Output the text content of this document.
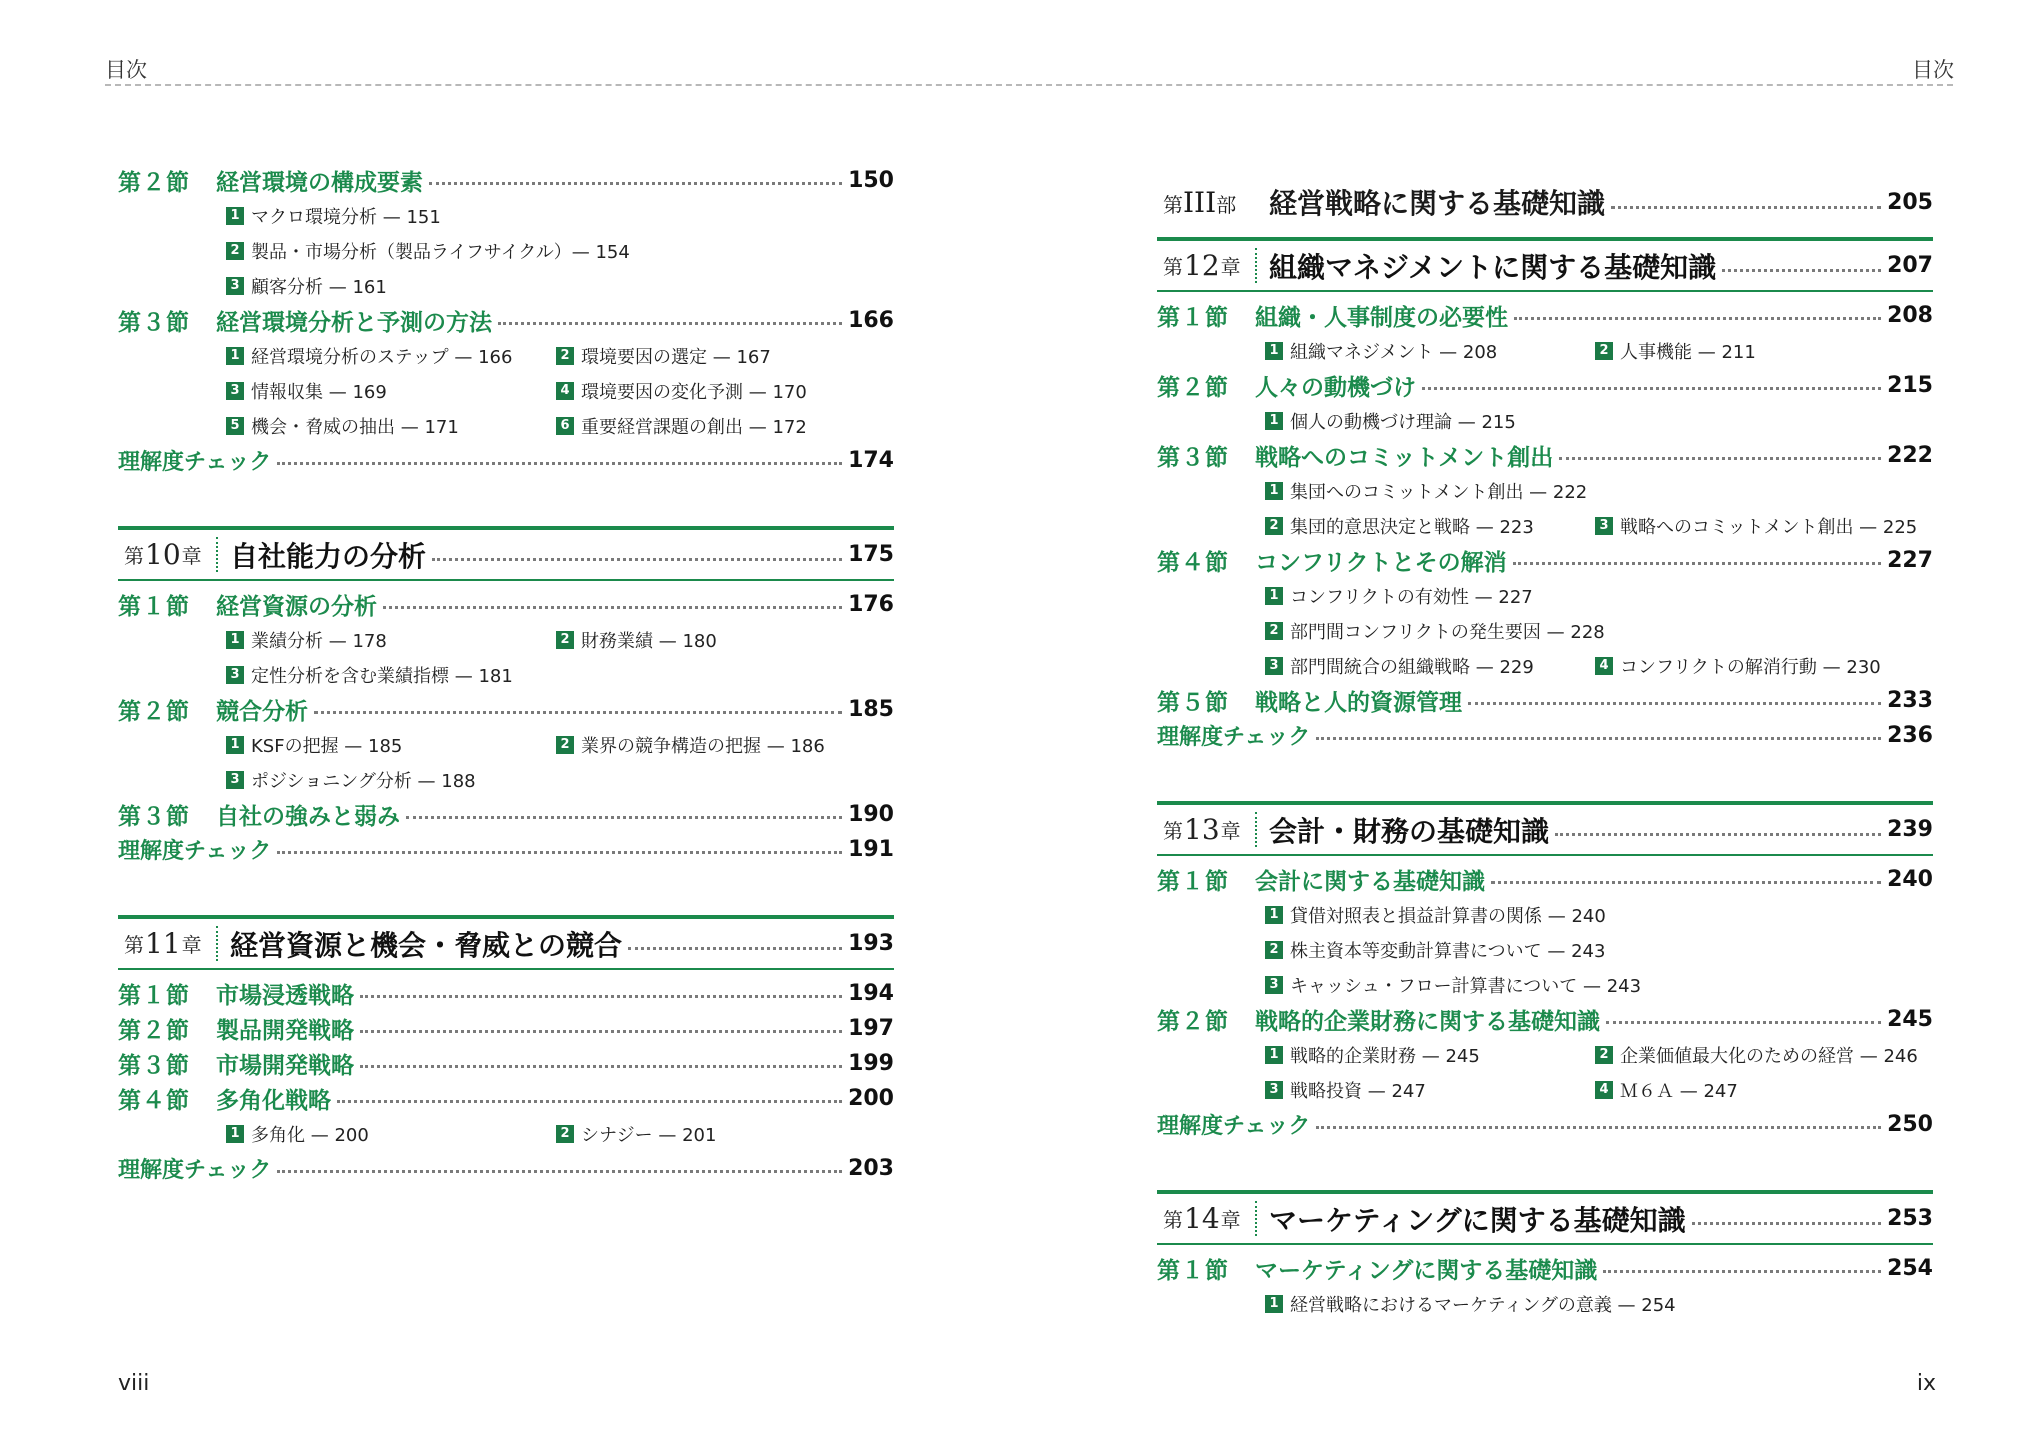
目次	目次
第２節	経営環境の構成要素	150
1 マクロ環境分析 — 151
2 製品・市場分析（製品ライフサイクル）— 154
3 顧客分析 — 161
第３節	経営環境分析と予測の方法	166
1 経営環境分析のステップ — 166	2 環境要因の選定 — 167
3 情報収集 — 169	4 環境要因の変化予測 — 170
5 機会・脅威の抽出 — 171	6 重要経営課題の創出 — 172
理解度チェック	174
第 10 章	自社能力の分析	175
第１節	経営資源の分析	176
1 業績分析 — 178	2 財務業績 — 180
3 定性分析を含む業績指標 — 181
第２節	競合分析	185
1 KSFの把握 — 185	2 業界の競争構造の把握 — 186
3 ポジショニング分析 — 188
第３節	自社の強みと弱み	190
理解度チェック	191
第 11 章	経営資源と機会・脅威との競合	193
第１節	市場浸透戦略	194
第２節	製品開発戦略	197
第３節	市場開発戦略	199
第４節	多角化戦略	200
1 多角化 — 200	2 シナジー — 201
理解度チェック	203
第III部	経営戦略に関する基礎知識	205
第 12 章	組織マネジメントに関する基礎知識	207
第１節	組織・人事制度の必要性	208
1 組織マネジメント — 208	2 人事機能 — 211
第２節	人々の動機づけ	215
1 個人の動機づけ理論 — 215
第３節	戦略へのコミットメント創出	222
1 集団へのコミットメント創出 — 222
2 集団的意思決定と戦略 — 223	3 戦略へのコミットメント創出 — 225
第４節	コンフリクトとその解消	227
1 コンフリクトの有効性 — 227
2 部門間コンフリクトの発生要因 — 228
3 部門間統合の組織戦略 — 229	4 コンフリクトの解消行動 — 230
第５節	戦略と人的資源管理	233
理解度チェック	236
第 13 章	会計・財務の基礎知識	239
第１節	会計に関する基礎知識	240
1 貸借対照表と損益計算書の関係 — 240
2 株主資本等変動計算書について — 243
3 キャッシュ・フロー計算書について — 243
第２節	戦略的企業財務に関する基礎知識	245
1 戦略的企業財務 — 245	2 企業価値最大化のための経営 — 246
3 戦略投資 — 247	4 Ｍ６Ａ — 247
理解度チェック	250
第 14 章	マーケティングに関する基礎知識	253
第１節	マーケティングに関する基礎知識	254
1 経営戦略におけるマーケティングの意義 — 254
viii	ix
